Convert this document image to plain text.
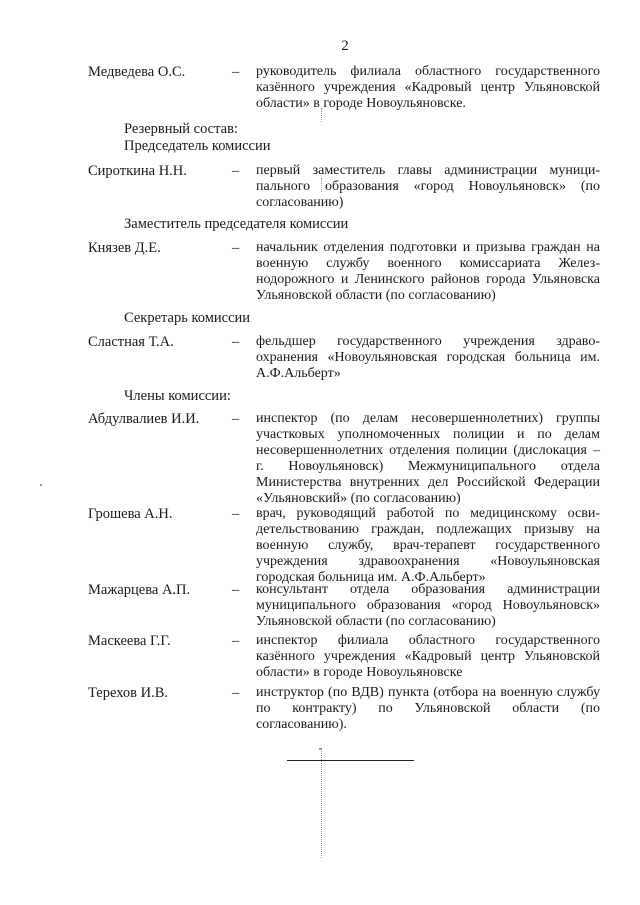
2
Медведева О.С.	– руководитель филиала областного государственного казённого учреждения «Кадровый центр Ульяновской области» в городе Новоульяновске.
Резервный состав:
Председатель комиссии
Сироткина Н.Н.	– первый заместитель главы администрации муниципального образования «город Новоульяновск» (по согласованию)
Заместитель председателя комиссии
Князев Д.Е.	– начальник отделения подготовки и призыва граждан на военную службу военного комиссариата Железнодорожного и Ленинского районов города Ульяновска Ульяновской области (по согласованию)
Секретарь комиссии
Сластная Т.А.	– фельдшер государственного учреждения здравоохранения «Новоульяновская городская больница им. А.Ф.Альберт»
Члены комиссии:
Абдулвалиев И.И. – инспектор (по делам несовершеннолетних) группы участковых уполномоченных полиции и по делам несовершеннолетних отделения полиции (дислокация – г. Новоульяновск) Межмуниципального отдела Министерства внутренних дел Российской Федерации «Ульяновский» (по согласованию)
Грошева А.Н.	– врач, руководящий работой по медицинскому освидетельствованию граждан, подлежащих призыву на военную службу, врач-терапевт государственного учреждения здравоохранения «Новоульяновская городская больница им. А.Ф.Альберт»
Мажарцева А.П.	– консультант отдела образования администрации муниципального образования «город Новоульяновск» Ульяновской области (по согласованию)
Маскеева Г.Г.	– инспектор филиала областного государственного казённого учреждения «Кадровый центр Ульяновской области» в городе Новоульяновске
Терехов И.В.	– инструктор (по ВДВ) пункта (отбора на военную службу по контракту) по Ульяновской области (по согласованию).
